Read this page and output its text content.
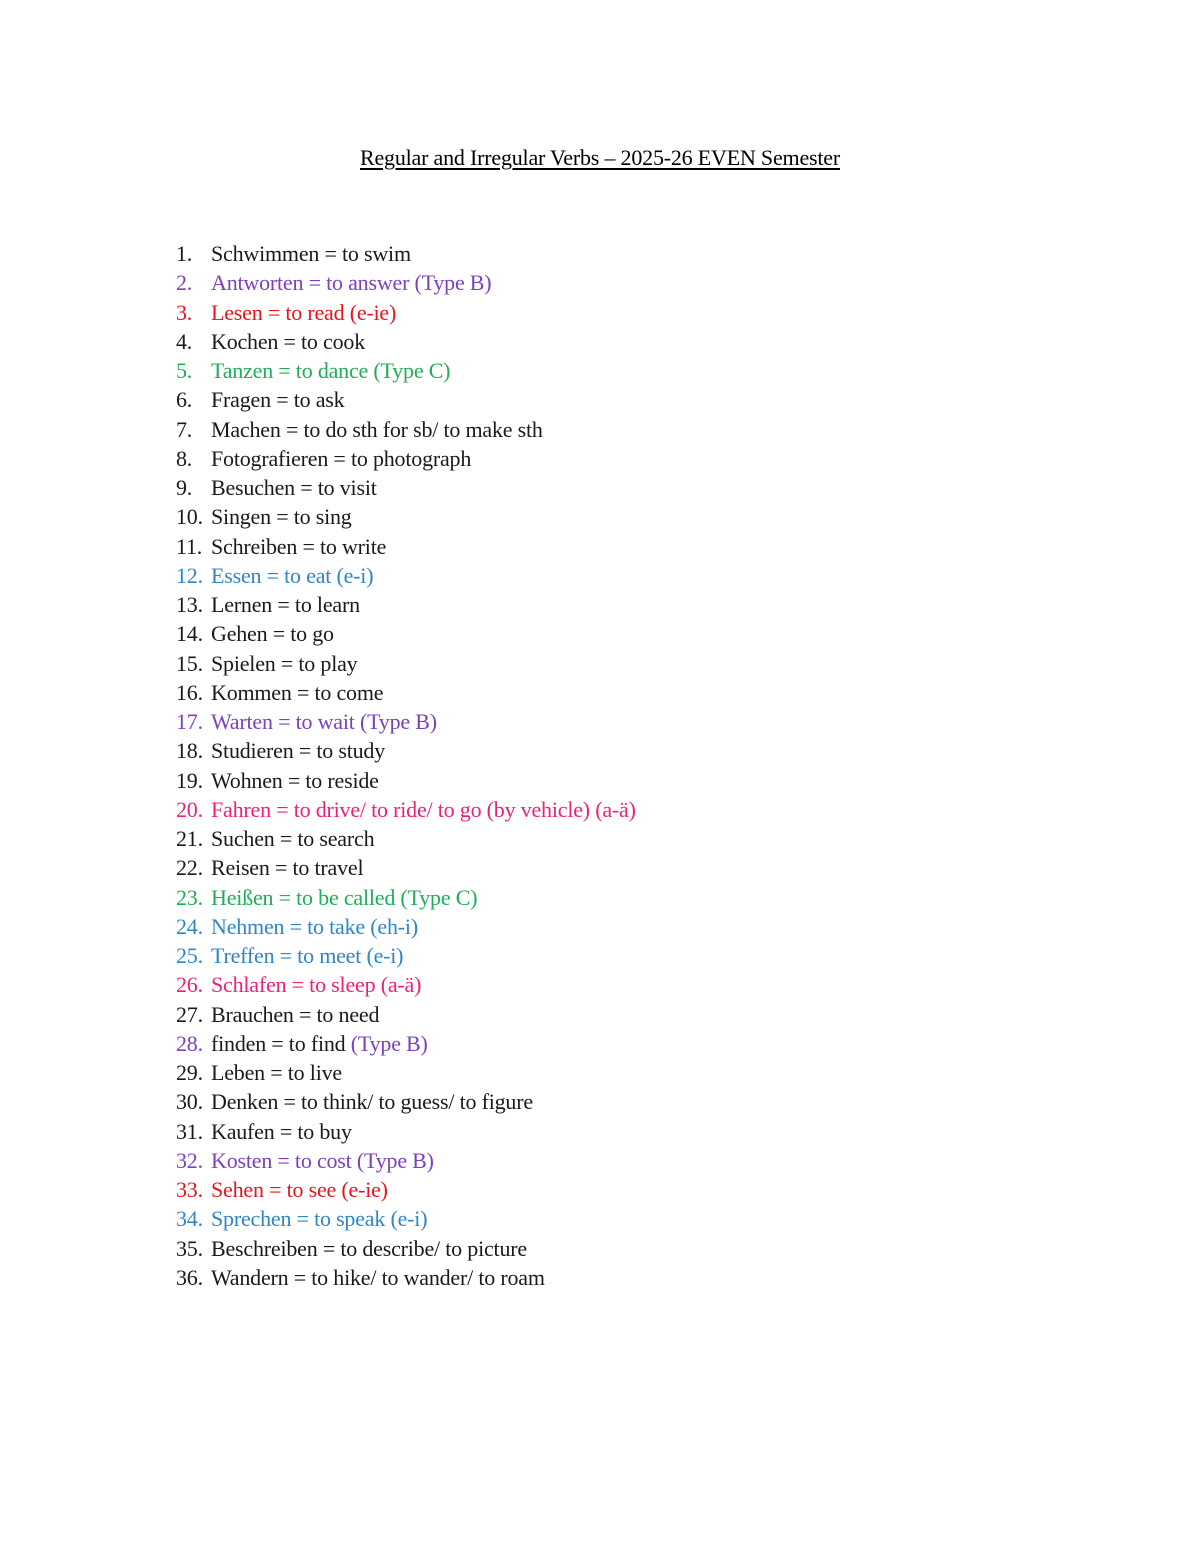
Regular and Irregular Verbs – 2025-26 EVEN Semester
1. Schwimmen = to swim
2. Antworten = to answer (Type B)
3. Lesen = to read (e-ie)
4. Kochen = to cook
5. Tanzen = to dance (Type C)
6. Fragen = to ask
7. Machen = to do sth for sb/ to make sth
8. Fotografieren = to photograph
9. Besuchen = to visit
10. Singen = to sing
11. Schreiben = to write
12. Essen = to eat (e-i)
13. Lernen = to learn
14. Gehen = to go
15. Spielen = to play
16. Kommen = to come
17. Warten = to wait (Type B)
18. Studieren = to study
19. Wohnen = to reside
20. Fahren = to drive/ to ride/ to go (by vehicle) (a-ä)
21. Suchen = to search
22. Reisen = to travel
23. Heißen = to be called (Type C)
24. Nehmen = to take (eh-i)
25. Treffen = to meet (e-i)
26. Schlafen = to sleep (a-ä)
27. Brauchen = to need
28. finden = to find (Type B)
29. Leben = to live
30. Denken = to think/ to guess/ to figure
31. Kaufen = to buy
32. Kosten = to cost (Type B)
33. Sehen = to see (e-ie)
34. Sprechen = to speak (e-i)
35. Beschreiben = to describe/ to picture
36. Wandern = to hike/ to wander/ to roam
